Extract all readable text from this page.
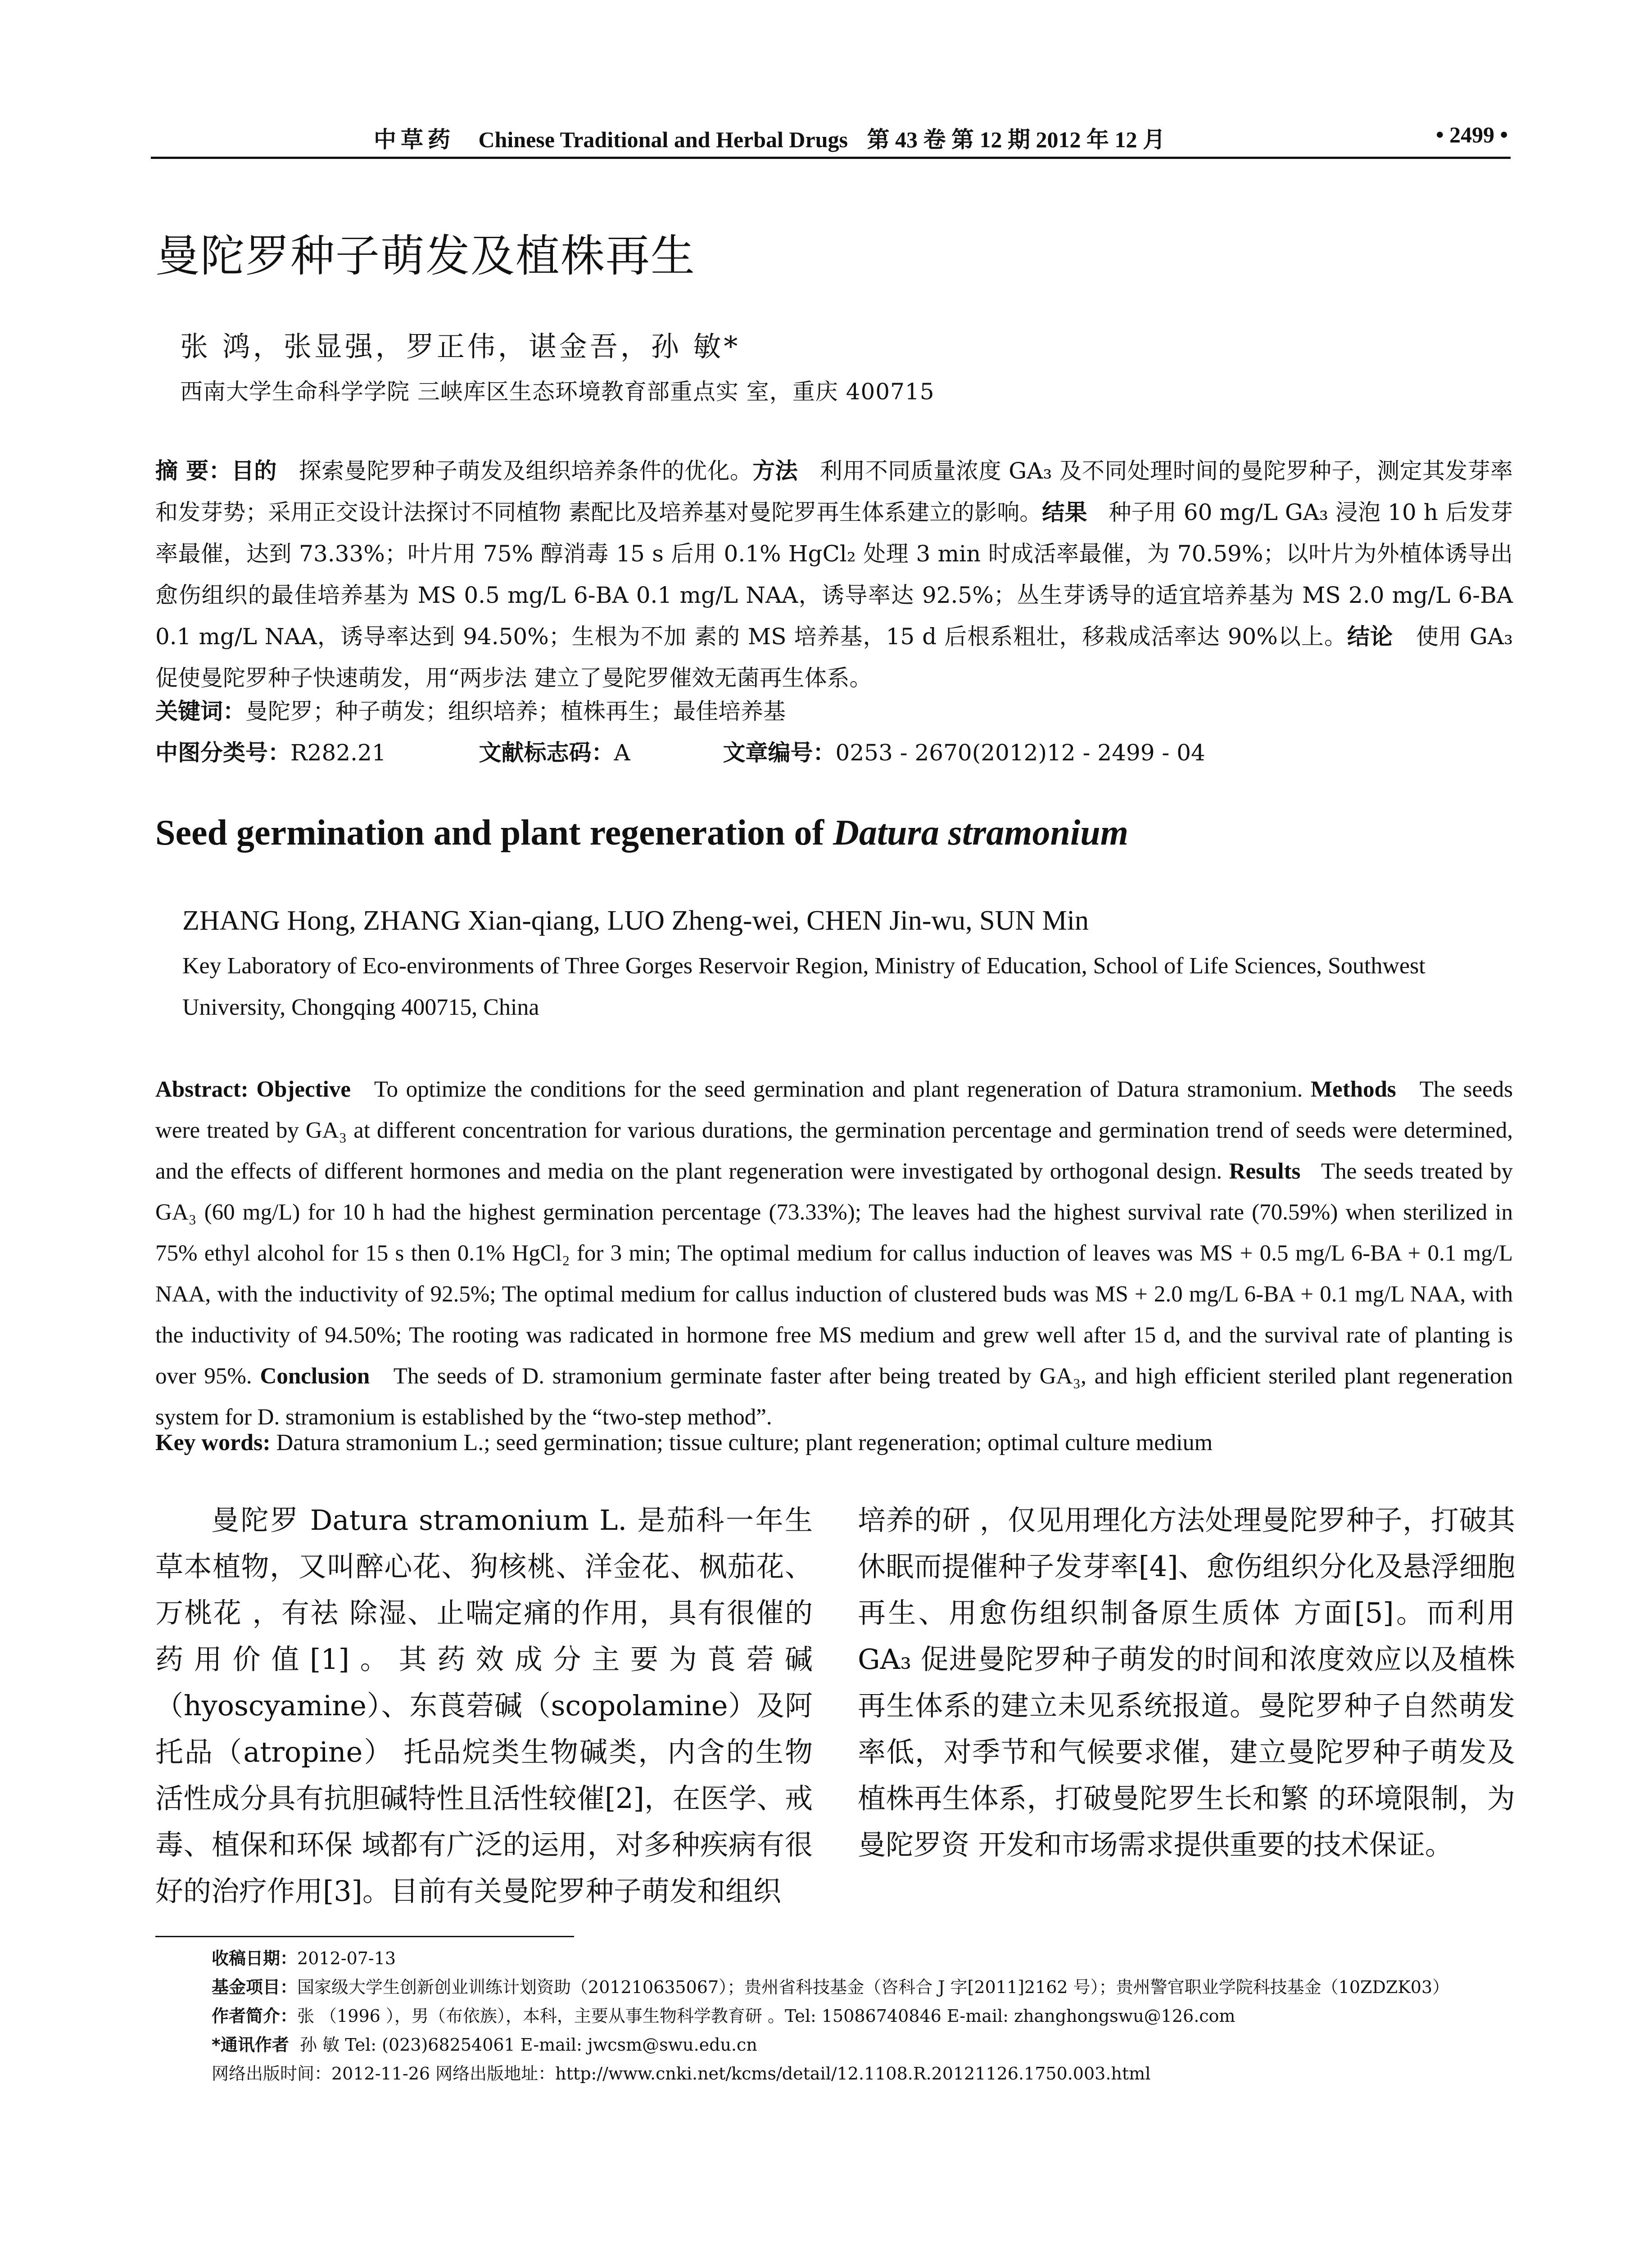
中草药 Chinese Traditional and Herbal Drugs 第 43 卷 第 12 期 2012 年 12 月	• 2499 •
曼陀罗种子萌发及植株再生
张 鸿，张显强，罗正伟，谌金吾，孙 敏*
西南大学生命科学学院 三峡库区生态环境教育部重点实 室，重庆 400715
摘 要：目的 探索曼陀罗种子萌发及组织培养条件的优化。方法 利用不同质量浓度 GA₃ 及不同处理时间的曼陀罗种子，测定其发芽率和发芽势；采用正交设计法探讨不同植物 素配比及培养基对曼陀罗再生体系建立的影响。结果 种子用 60 mg/L GA₃ 浸泡 10 h 后发芽率最催，达到 73.33%；叶片用 75% 醇消毒 15 s 后用 0.1% HgCl₂ 处理 3 min 时成活率最催，为 70.59%；以叶片为外植体诱导出愈伤组织的最佳培养基为 MS 0.5 mg/L 6-BA 0.1 mg/L NAA，诱导率达 92.5%；丛生芽诱导的适宜培养基为 MS 2.0 mg/L 6-BA 0.1 mg/L NAA，诱导率达到 94.50%；生根为不加 素的 MS 培养基，15 d 后根系粗壮，移栽成活率达 90%以上。结论 使用 GA₃ 促使曼陀罗种子快速萌发，用“两步法 建立了曼陀罗催效无菌再生体系。
关键词：曼陀罗；种子萌发；组织培养；植株再生；最佳培养基
中图分类号：R282.21	文献标志码：A	文章编号：0253 - 2670(2012)12 - 2499 - 04
Seed germination and plant regeneration of Datura stramonium
ZHANG Hong, ZHANG Xian-qiang, LUO Zheng-wei, CHEN Jin-wu, SUN Min
Key Laboratory of Eco-environments of Three Gorges Reservoir Region, Ministry of Education, School of Life Sciences, Southwest University, Chongqing 400715, China
Abstract: Objective To optimize the conditions for the seed germination and plant regeneration of Datura stramonium. Methods The seeds were treated by GA₃ at different concentration for various durations, the germination percentage and germination trend of seeds were determined, and the effects of different hormones and media on the plant regeneration were investigated by orthogonal design. Results The seeds treated by GA₃ (60 mg/L) for 10 h had the highest germination percentage (73.33%); The leaves had the highest survival rate (70.59%) when sterilized in 75% ethyl alcohol for 15 s then 0.1% HgCl₂ for 3 min; The optimal medium for callus induction of leaves was MS + 0.5 mg/L 6-BA + 0.1 mg/L NAA, with the inductivity of 92.5%; The optimal medium for callus induction of clustered buds was MS + 2.0 mg/L 6-BA + 0.1 mg/L NAA, with the inductivity of 94.50%; The rooting was radicated in hormone free MS medium and grew well after 15 d, and the survival rate of planting is over 95%. Conclusion The seeds of D. stramonium germinate faster after being treated by GA₃, and high efficient steriled plant regeneration system for D. stramonium is established by the “two-step method”.
Key words: Datura stramonium L.; seed germination; tissue culture; plant regeneration; optimal culture medium
曼陀罗 Datura stramonium L. 是茄科一年生草本植物，又叫醉心花、狗核桃、洋金花、枫茄花、万桃花 ，有祛 除湿、止喘定痛的作用，具有很催的药用价值[1]。其药效成分主要为莨菪碱（hyoscyamine）、东莨菪碱（scopolamine）及阿托品（atropine） 托品烷类生物碱类，内含的生物活性成分具有抗胆碱特性且活性较催[2]，在医学、戒毒、植保和环保 域都有广泛的运用，对多种疾病有很好的治疗作用[3]。目前有关曼陀罗种子萌发和组织
培养的研 ，仅见用理化方法处理曼陀罗种子，打破其休眠而提催种子发芽率[4]、愈伤组织分化及悬浮细胞再生、用愈伤组织制备原生质体 方面[5]。而利用 GA₃ 促进曼陀罗种子萌发的时间和浓度效应以及植株再生体系的建立未见系统报道。曼陀罗种子自然萌发率低，对季节和气候要求催，建立曼陀罗种子萌发及植株再生体系，打破曼陀罗生长和繁 的环境限制，为曼陀罗资 开发和市场需求提供重要的技术保证。
收稿日期：2012-07-13
基金项目：国家级大学生创新创业训练计划资助（201210635067）；贵州省科技基金（咨科合 J 字[2011]2162 号）；贵州警官职业学院科技基金（10ZDZK03）
作者简介：张 （1996 ），男（布依族），本科，主要从事生物科学教育研 。Tel: 15086740846 E-mail: zhanghongswu@126.com
*通讯作者 孙 敏 Tel: (023)68254061 E-mail: jwcsm@swu.edu.cn
网络出版时间：2012-11-26 网络出版地址：http://www.cnki.net/kcms/detail/12.1108.R.20121126.1750.003.html
